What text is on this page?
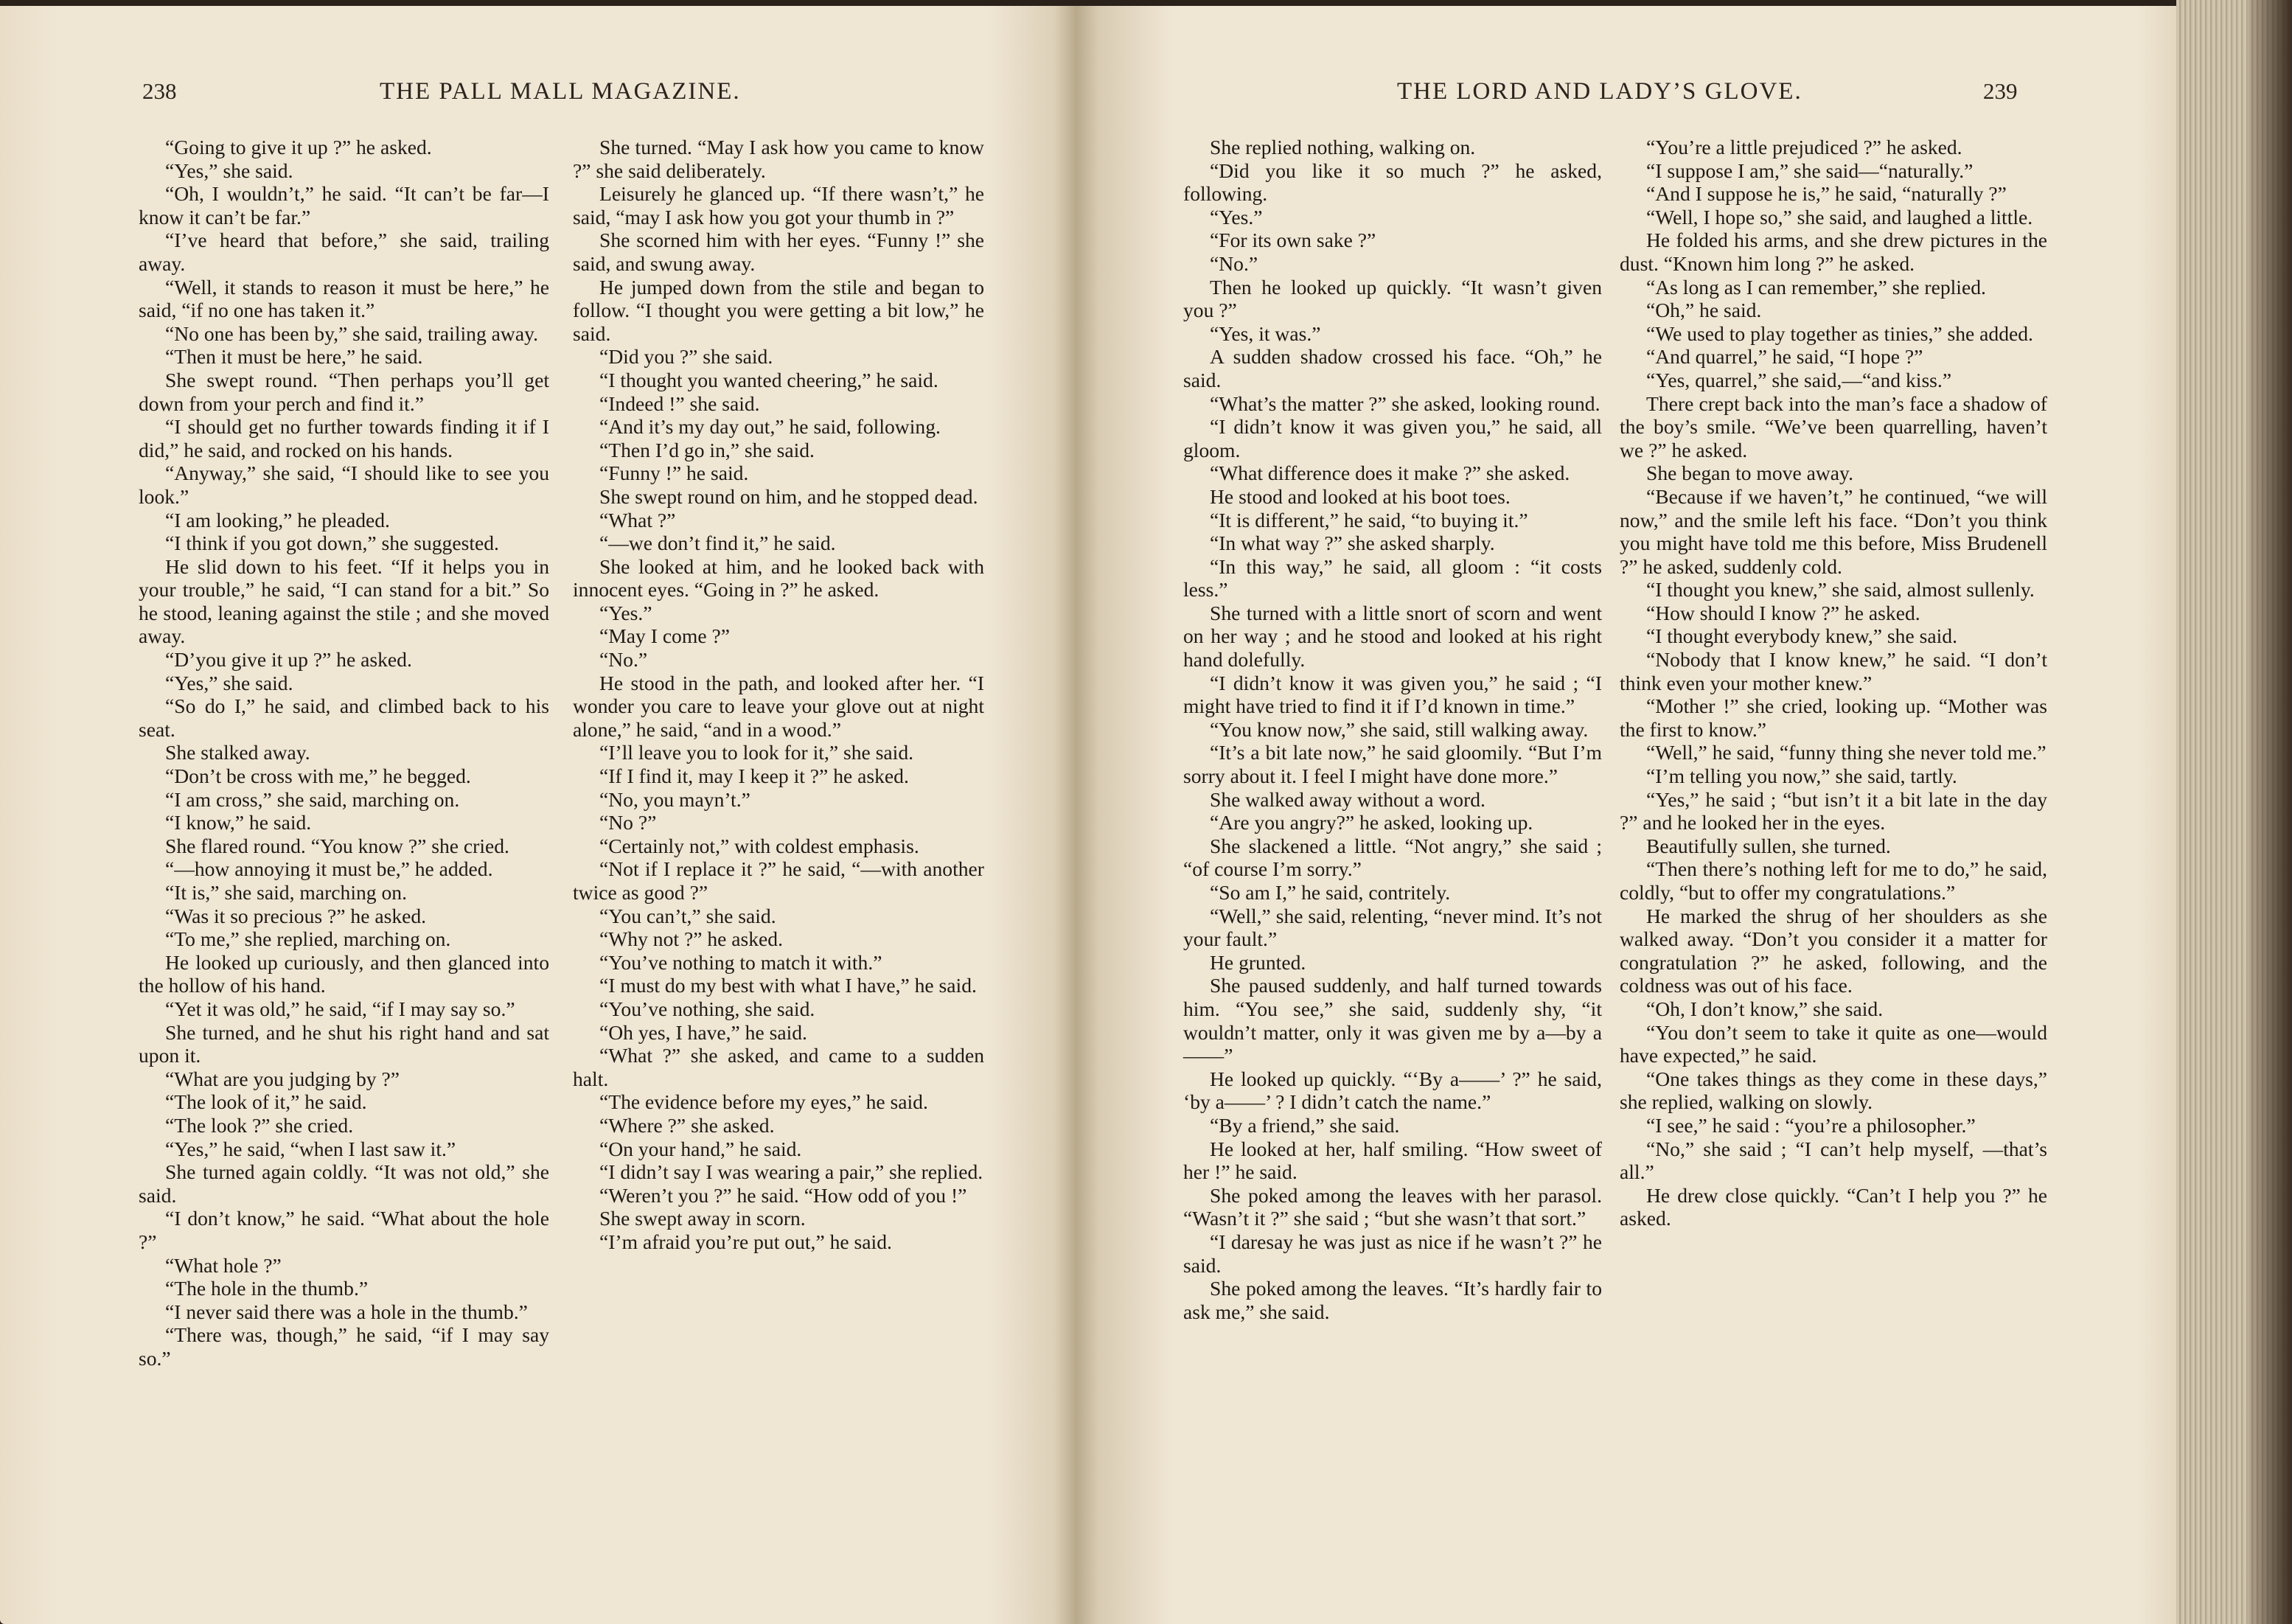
238	THE PALL MALL MAGAZINE.

“Going to give it up ?” he asked.

“Yes,” she said.

“Oh, I wouldn’t,” he said. “It can’t be far—I know it can’t be far.”

“I’ve heard that before,” she said, trailing away.

“Well, it stands to reason it must be here,” he said, “if no one has taken it.”

“No one has been by,” she said, trailing away.

“Then it must be here,” he said.

She swept round. “Then perhaps you’ll get down from your perch and find it.”

“I should get no further towards finding it if I did,” he said, and rocked on his hands.

“Anyway,” she said, “I should like to see you look.”

“I am looking,” he pleaded.

“I think if you got down,” she suggested.

He slid down to his feet. “If it helps you in your trouble,” he said, “I can stand for a bit.” So he stood, leaning against the stile ; and she moved away.

“D’you give it up ?” he asked.

“Yes,” she said.

“So do I,” he said, and climbed back to his seat.

She stalked away.

“Don’t be cross with me,” he begged.

“I am cross,” she said, marching on.

“I know,” he said.

She flared round. “You know ?” she cried.

“—how annoying it must be,” he added.

“It is,” she said, marching on.

“Was it so precious ?” he asked.

“To me,” she replied, marching on.

He looked up curiously, and then glanced into the hollow of his hand.

“Yet it was old,” he said, “if I may say so.”

She turned, and he shut his right hand and sat upon it.

“What are you judging by ?”

“The look of it,” he said.

“The look ?” she cried.

“Yes,” he said, “when I last saw it.”

She turned again coldly. “It was not old,” she said.

“I don’t know,” he said. “What about the hole ?”

“What hole ?”

“The hole in the thumb.”

“I never said there was a hole in the thumb.”

“There was, though,” he said, “if I may say so.”

She turned. “May I ask how you came to know ?” she said deliberately.

Leisurely he glanced up. “If there wasn’t,” he said, “may I ask how you got your thumb in ?”

She scorned him with her eyes. “Funny !” she said, and swung away.

He jumped down from the stile and began to follow. “I thought you were getting a bit low,” he said.

“Did you ?” she said.

“I thought you wanted cheering,” he said.

“Indeed !” she said.

“And it’s my day out,” he said, following.

“Then I’d go in,” she said.

“Funny !” he said.

She swept round on him, and he stopped dead.

“What ?”

“—we don’t find it,” he said.

She looked at him, and he looked back with innocent eyes. “Going in ?” he asked.

“Yes.”

“May I come ?”

“No.”

He stood in the path, and looked after her. “I wonder you care to leave your glove out at night alone,” he said, “and in a wood.”

“I’ll leave you to look for it,” she said.

“If I find it, may I keep it ?” he asked.

“No, you mayn’t.”

“No ?”

“Certainly not,” with coldest emphasis.

“Not if I replace it ?” he said, “—with another twice as good ?”

“You can’t,” she said.

“Why not ?” he asked.

“You’ve nothing to match it with.”

“I must do my best with what I have,” he said.

“You’ve nothing, she said.

“Oh yes, I have,” he said.

“What ?” she asked, and came to a sudden halt.

“The evidence before my eyes,” he said.

“Where ?” she asked.

“On your hand,” he said.

“I didn’t say I was wearing a pair,” she replied.

“Weren’t you ?” he said. “How odd of you !”

She swept away in scorn.

“I’m afraid you’re put out,” he said.

THE LORD AND LADY’S GLOVE.	239

She replied nothing, walking on.

“Did you like it so much ?” he asked, following.

“Yes.”

“For its own sake ?”

“No.”

Then he looked up quickly. “It wasn’t given you ?”

“Yes, it was.”

A sudden shadow crossed his face. “Oh,” he said.

“What’s the matter ?” she asked, looking round.

“I didn’t know it was given you,” he said, all gloom.

“What difference does it make ?” she asked.

He stood and looked at his boot toes.

“It is different,” he said, “to buying it.”

“In what way ?” she asked sharply.

“In this way,” he said, all gloom : “it costs less.”

She turned with a little snort of scorn and went on her way ; and he stood and looked at his right hand dolefully.

“I didn’t know it was given you,” he said ; “I might have tried to find it if I’d known in time.”

“You know now,” she said, still walking away.

“It’s a bit late now,” he said gloomily. “But I’m sorry about it. I feel I might have done more.”

She walked away without a word.

“Are you angry?” he asked, looking up.

She slackened a little. “Not angry,” she said ; “of course I’m sorry.”

“So am I,” he said, contritely.

“Well,” she said, relenting, “never mind. It’s not your fault.”

He grunted.

She paused suddenly, and half turned towards him. “You see,” she said, suddenly shy, “it wouldn’t matter, only it was given me by a—by a——”

He looked up quickly. “‘By a——’ ?” he said, ‘by a——’ ? I didn’t catch the name.”

“By a friend,” she said.

He looked at her, half smiling. “How sweet of her !” he said.

She poked among the leaves with her parasol. “Wasn’t it ?” she said ; “but she wasn’t that sort.”

“I daresay he was just as nice if he wasn’t ?” he said.

She poked among the leaves. “It’s hardly fair to ask me,” she said.

“You’re a little prejudiced ?” he asked.

“I suppose I am,” she said—“naturally.”

“And I suppose he is,” he said, “naturally ?”

“Well, I hope so,” she said, and laughed a little.

He folded his arms, and she drew pictures in the dust. “Known him long ?” he asked.

“As long as I can remember,” she replied.

“Oh,” he said.

“We used to play together as tinies,” she added.

“And quarrel,” he said, “I hope ?”

“Yes, quarrel,” she said,—“and kiss.”

There crept back into the man’s face a shadow of the boy’s smile. “We’ve been quarrelling, haven’t we ?” he asked.

She began to move away.

“Because if we haven’t,” he continued, “we will now,” and the smile left his face. “Don’t you think you might have told me this before, Miss Brudenell ?” he asked, suddenly cold.

“I thought you knew,” she said, almost sullenly.

“How should I know ?” he asked.

“I thought everybody knew,” she said.

“Nobody that I know knew,” he said. “I don’t think even your mother knew.”

“Mother !” she cried, looking up. “Mother was the first to know.”

“Well,” he said, “funny thing she never told me.”

“I’m telling you now,” she said, tartly.

“Yes,” he said ; “but isn’t it a bit late in the day ?” and he looked her in the eyes.

Beautifully sullen, she turned.

“Then there’s nothing left for me to do,” he said, coldly, “but to offer my congratulations.”

He marked the shrug of her shoulders as she walked away. “Don’t you consider it a matter for congratulation ?” he asked, following, and the coldness was out of his face.

“Oh, I don’t know,” she said.

“You don’t seem to take it quite as one—would have expected,” he said.

“One takes things as they come in these days,” she replied, walking on slowly.

“I see,” he said : “you’re a philosopher.”

“No,” she said ; “I can’t help myself, —that’s all.”

He drew close quickly. “Can’t I help you ?” he asked.
